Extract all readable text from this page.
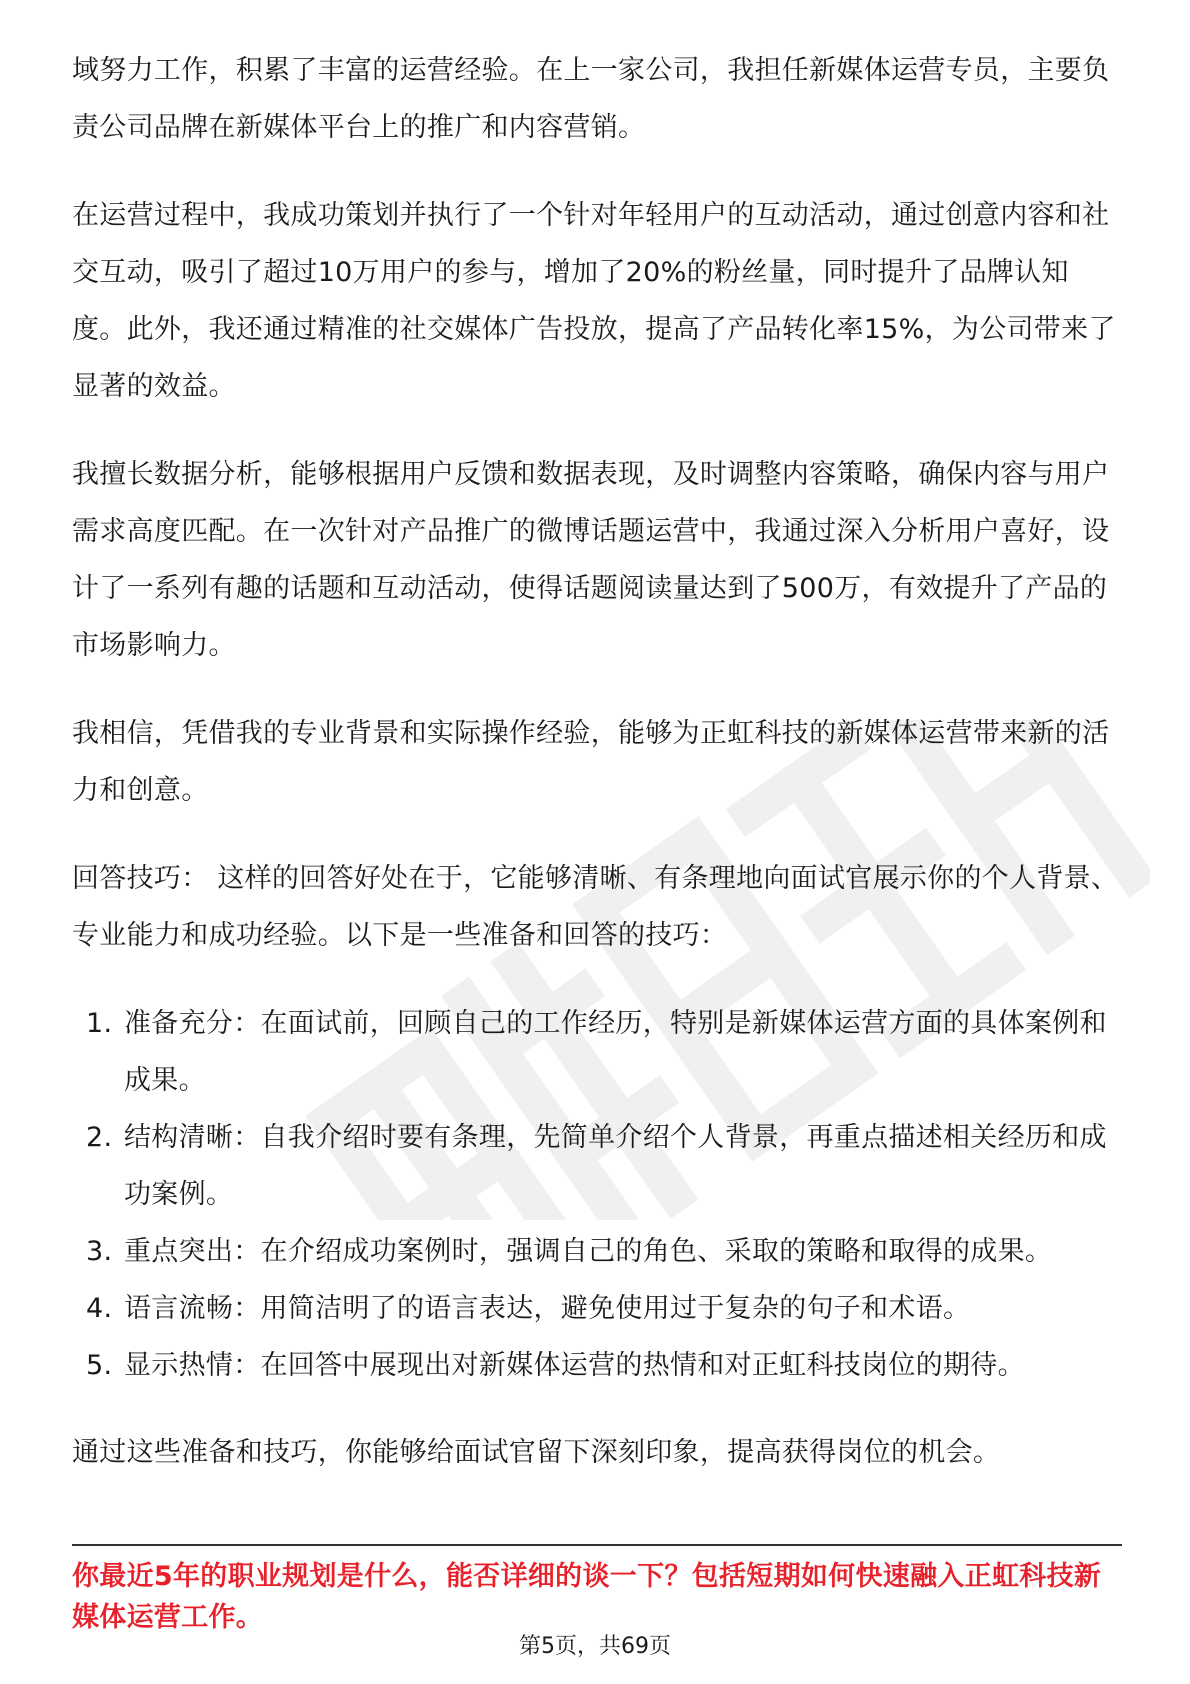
域努力工作，积累了丰富的运营经验。在上一家公司，我担任新媒体运营专员，主要负责公司品牌在新媒体平台上的推广和内容营销。

在运营过程中，我成功策划并执行了一个针对年轻用户的互动活动，通过创意内容和社交互动，吸引了超过10万用户的参与，增加了20%的粉丝量，同时提升了品牌认知度。此外，我还通过精准的社交媒体广告投放，提高了产品转化率15%，为公司带来了显著的效益。

我擅长数据分析，能够根据用户反馈和数据表现，及时调整内容策略，确保内容与用户需求高度匹配。在一次针对产品推广的微博话题运营中，我通过深入分析用户喜好，设计了一系列有趣的话题和互动活动，使得话题阅读量达到了500万，有效提升了产品的市场影响力。

我相信，凭借我的专业背景和实际操作经验，能够为正虹科技的新媒体运营带来新的活力和创意。

回答技巧： 这样的回答好处在于，它能够清晰、有条理地向面试官展示你的个人背景、专业能力和成功经验。以下是一些准备和回答的技巧：

1. 准备充分：在面试前，回顾自己的工作经历，特别是新媒体运营方面的具体案例和成果。
2. 结构清晰：自我介绍时要有条理，先简单介绍个人背景，再重点描述相关经历和成功案例。
3. 重点突出：在介绍成功案例时，强调自己的角色、采取的策略和取得的成果。
4. 语言流畅：用简洁明了的语言表达，避免使用过于复杂的句子和术语。
5. 显示热情：在回答中展现出对新媒体运营的热情和对正虹科技岗位的期待。

通过这些准备和技巧，你能够给面试官留下深刻印象，提高获得岗位的机会。

你最近5年的职业规划是什么，能否详细的谈一下？包括短期如何快速融入正虹科技新媒体运营工作。
第5页，共69页
